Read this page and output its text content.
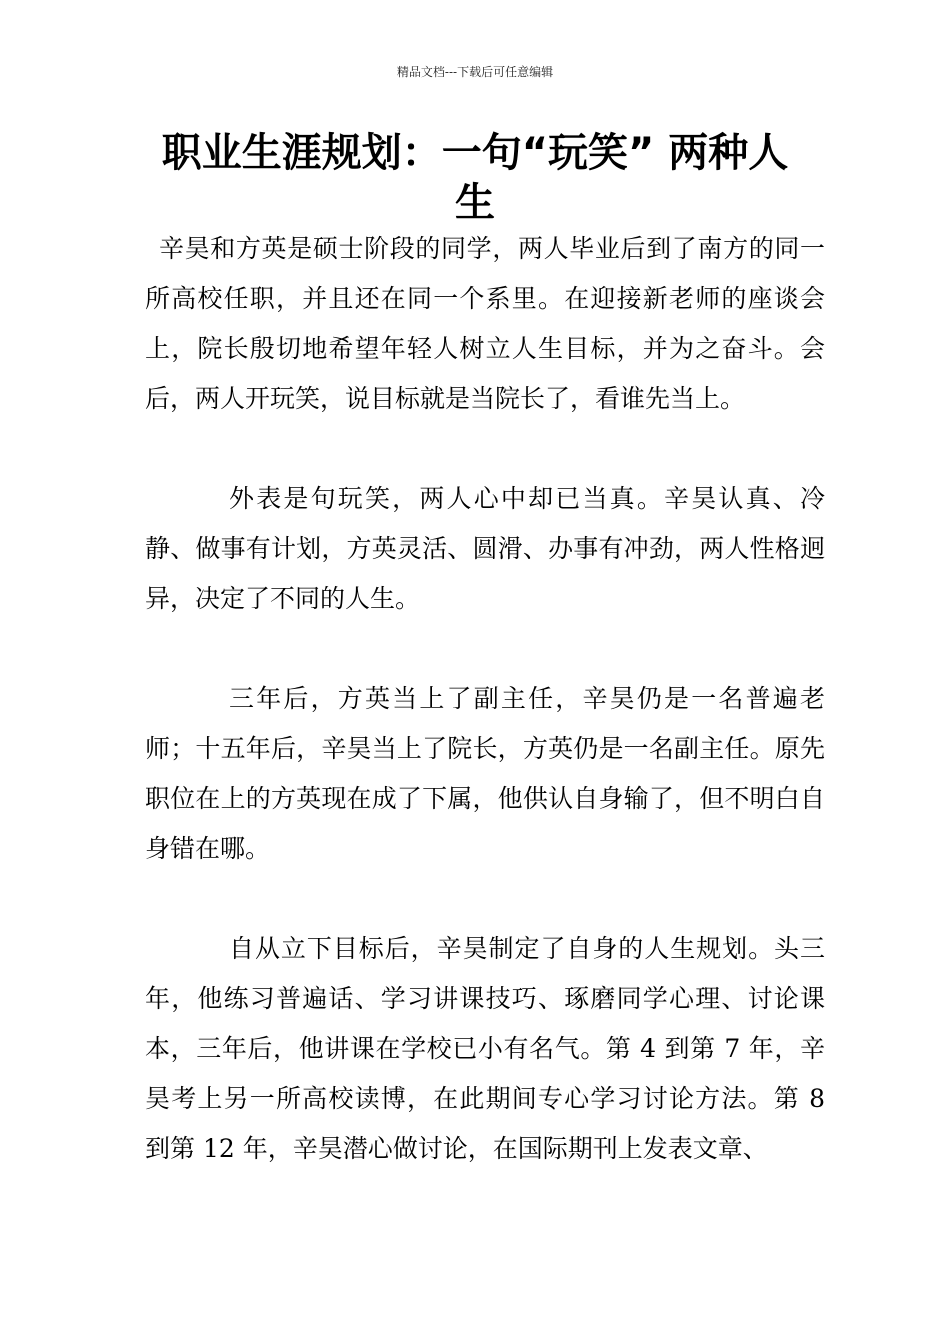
精品文档---下载后可任意编辑
职业生涯规划：一句“玩笑” 两种人生

辛昊和方英是硕士阶段的同学，两人毕业后到了南方的同一所高校任职，并且还在同一个系里。在迎接新老师的座谈会上，院长殷切地希望年轻人树立人生目标，并为之奋斗。会后，两人开玩笑，说目标就是当院长了，看谁先当上。

外表是句玩笑，两人心中却已当真。辛昊认真、冷静、做事有计划，方英灵活、圆滑、办事有冲劲，两人性格迥异，决定了不同的人生。

三年后，方英当上了副主任，辛昊仍是一名普遍老师；十五年后，辛昊当上了院长，方英仍是一名副主任。原先职位在上的方英现在成了下属，他供认自身输了，但不明白自身错在哪。

自从立下目标后，辛昊制定了自身的人生规划。头三年，他练习普遍话、学习讲课技巧、琢磨同学心理、讨论课本，三年后，他讲课在学校已小有名气。第 4 到第 7 年，辛昊考上另一所高校读博，在此期间专心学习讨论方法。第 8 到第 12 年，辛昊潜心做讨论，在国际期刊上发表文章、
